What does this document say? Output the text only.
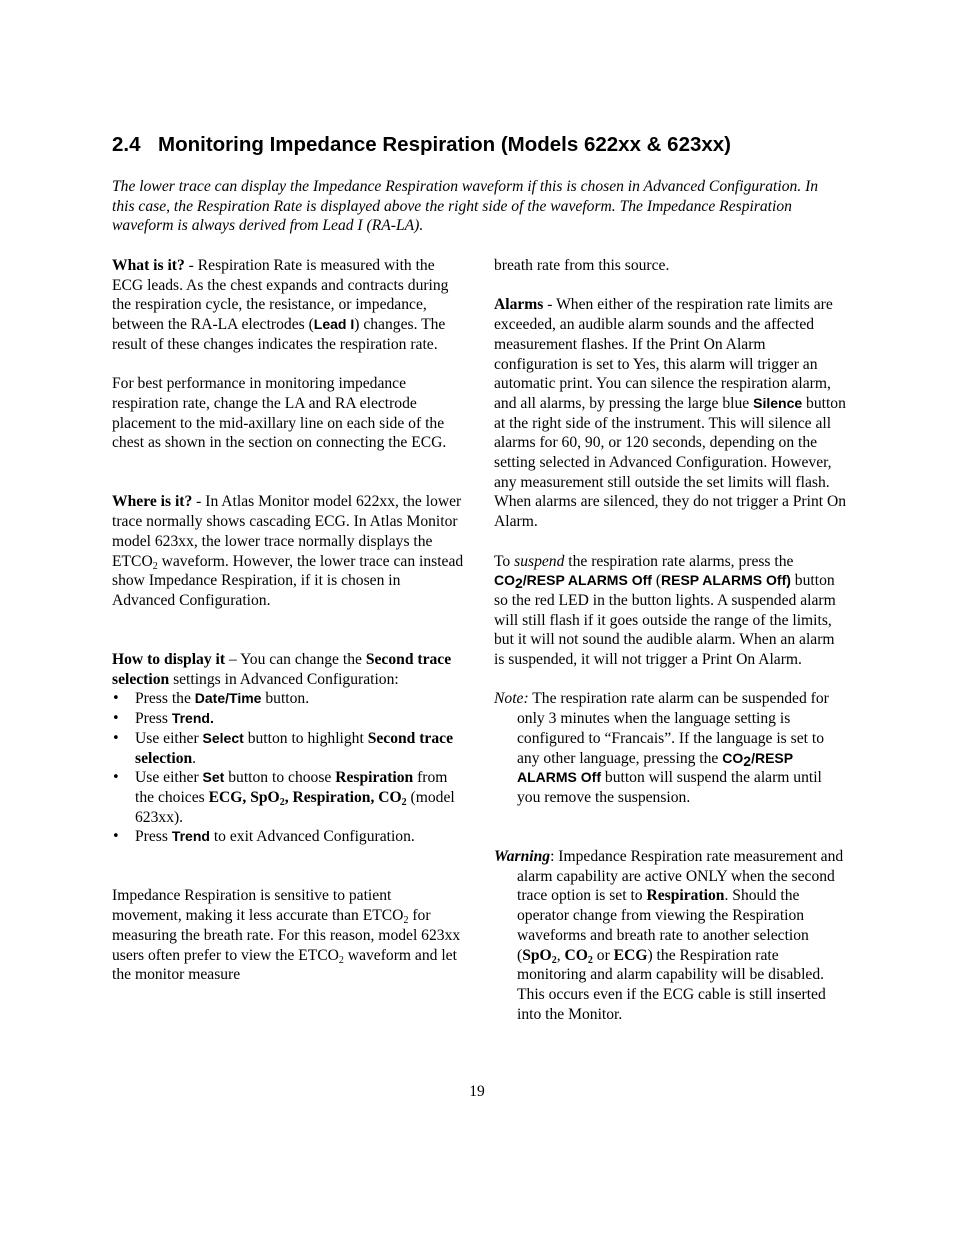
2.4 Monitoring Impedance Respiration (Models 622xx & 623xx)
The lower trace can display the Impedance Respiration waveform if this is chosen in Advanced Configuration. In this case, the Respiration Rate is displayed above the right side of the waveform. The Impedance Respiration waveform is always derived from Lead I (RA-LA).

What is it? - Respiration Rate is measured with the ECG leads. As the chest expands and contracts during the respiration cycle, the resistance, or impedance, between the RA-LA electrodes (Lead I) changes. The result of these changes indicates the respiration rate.

For best performance in monitoring impedance respiration rate, change the LA and RA electrode placement to the mid-axillary line on each side of the chest as shown in the section on connecting the ECG.

Where is it? - In Atlas Monitor model 622xx, the lower trace normally shows cascading ECG. In Atlas Monitor model 623xx, the lower trace normally displays the $ETCO_2$ waveform. However, the lower trace can instead show Impedance Respiration, if it is chosen in Advanced Configuration.

How to display it – You can change the Second trace selection settings in Advanced Configuration:

• Press the Date/Time button.
• Press Trend.
• Use either Select button to highlight Second trace selection.
• Use either Set button to choose Respiration from the choices ECG, SpO$_2$, Respiration, $CO_2$ (model 623xx).
• Press Trend to exit Advanced Configuration.

Impedance Respiration is sensitive to patient movement, making it less accurate than $ETCO_2$ for measuring the breath rate. For this reason, model 623xx users often prefer to view the $ETCO_2$ waveform and let the monitor measure

breath rate from this source.

Alarms - When either of the respiration rate limits are exceeded, an audible alarm sounds and the affected measurement flashes. If the Print On Alarm configuration is set to Yes, this alarm will trigger an automatic print. You can silence the respiration alarm, and all alarms, by pressing the large blue Silence button at the right side of the instrument. This will silence all alarms for 60, 90, or 120 seconds, depending on the setting selected in Advanced Configuration. However, any measurement still outside the set limits will flash. When alarms are silenced, they do not trigger a Print On Alarm.

To suspend the respiration rate alarms, press the $CO_2$/RESP ALARMS Off (RESP ALARMS Off) button so the red LED in the button lights. A suspended alarm will still flash if it goes outside the range of the limits, but it will not sound the audible alarm. When an alarm is suspended, it will not trigger a Print On Alarm.

Note: The respiration rate alarm can be suspended for only 3 minutes when the language setting is configured to “Francais”. If the language is set to any other language, pressing the $CO_2$/RESP ALARMS Off button will suspend the alarm until you remove the suspension.

Warning: Impedance Respiration rate measurement and alarm capability are active ONLY when the second trace option is set to Respiration. Should the operator change from viewing the Respiration waveforms and breath rate to another selection (SpO$_2$, $CO_2$ or ECG) the Respiration rate monitoring and alarm capability will be disabled. This occurs even if the ECG cable is still inserted into the Monitor.

19
